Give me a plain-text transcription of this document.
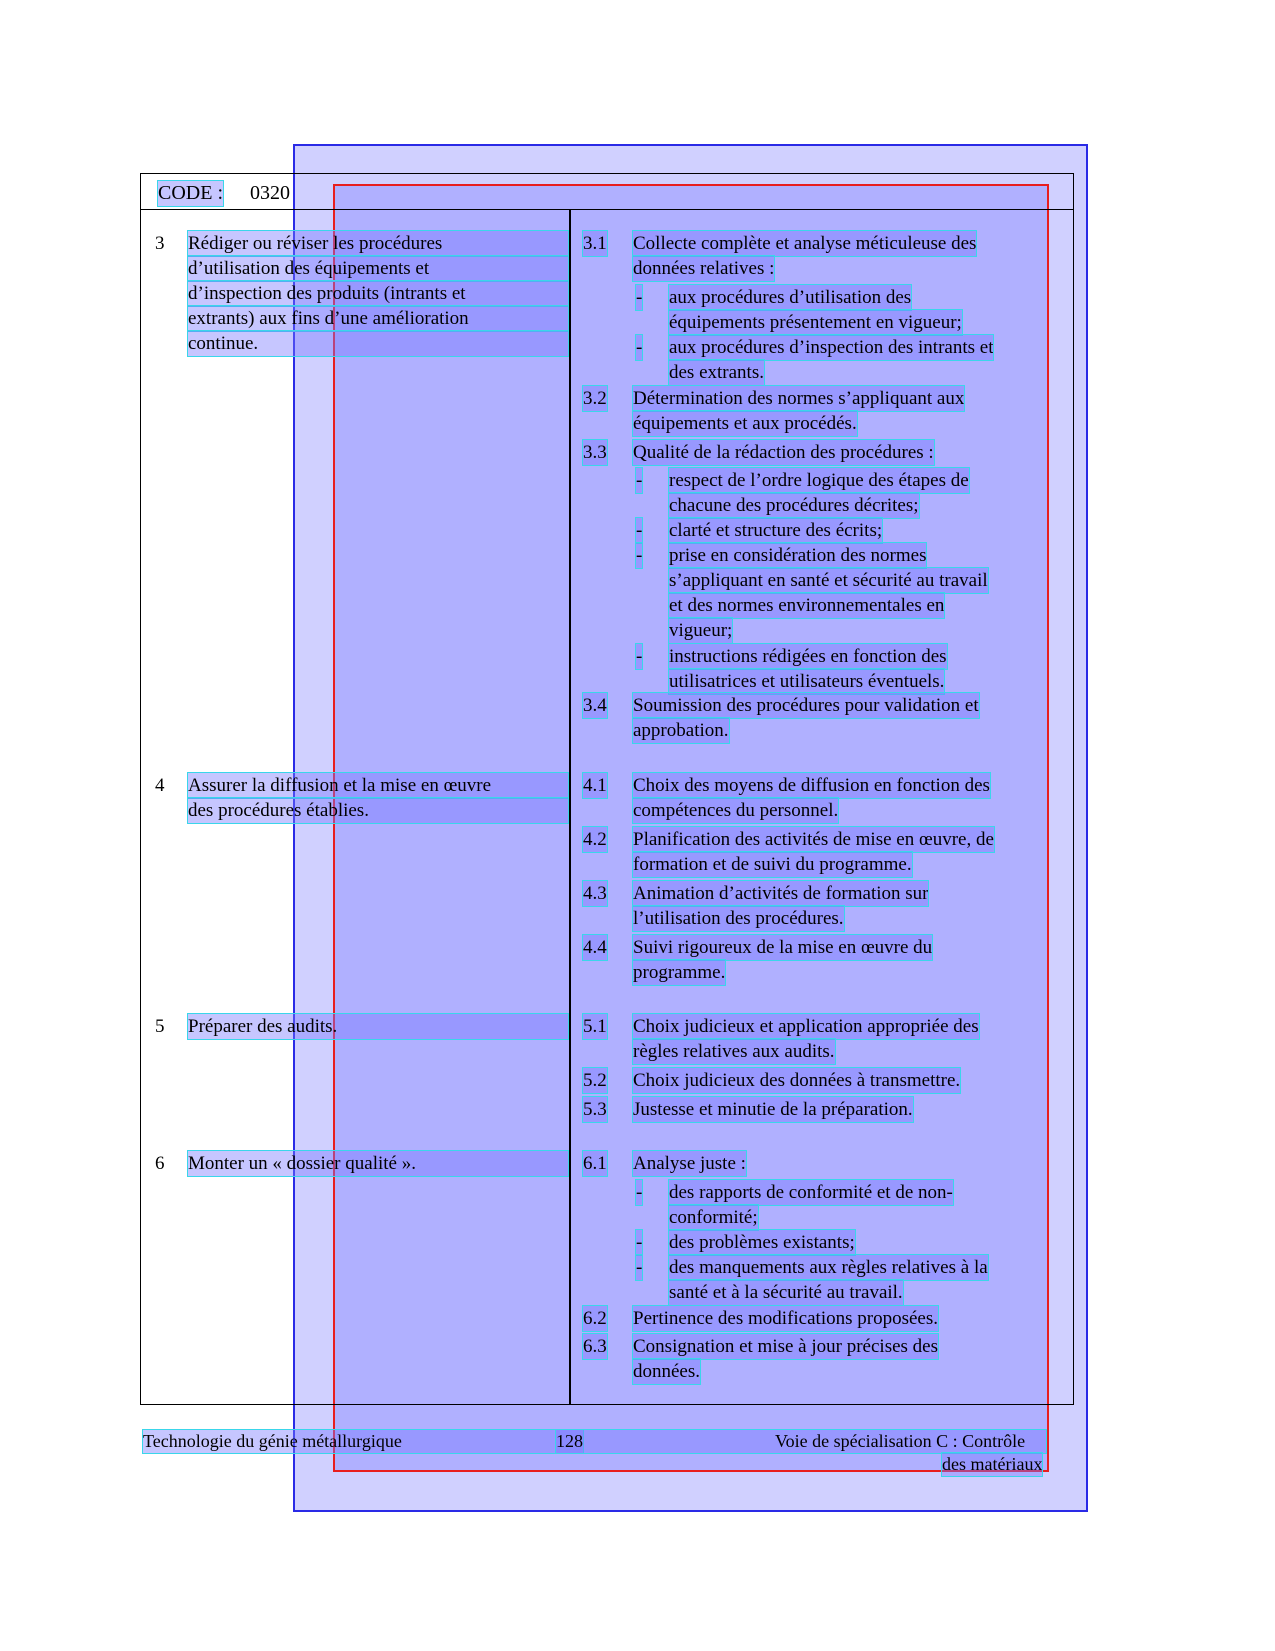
CODE : 0320
3 Rédiger ou réviser les procédures
d’utilisation des équipements et
d’inspection des produits (intrants et
extrants) aux fins d’une amélioration
continue.
4 Assurer la diffusion et la mise en œuvre
des procédures établies.
5 Préparer des audits.
6 Monter un « dossier qualité ».
3.1 Collecte complète et analyse méticuleuse des
données relatives :
- aux procédures d’utilisation des
équipements présentement en vigueur;
- aux procédures d’inspection des intrants et
des extrants.
3.2 Détermination des normes s’appliquant aux
équipements et aux procédés.
3.3 Qualité de la rédaction des procédures :
- respect de l’ordre logique des étapes de
chacune des procédures décrites;
- clarté et structure des écrits;
- prise en considération des normes
s’appliquant en santé et sécurité au travail
et des normes environnementales en
vigueur;
- instructions rédigées en fonction des
utilisatrices et utilisateurs éventuels.
3.4 Soumission des procédures pour validation et
approbation.
4.1 Choix des moyens de diffusion en fonction des
compétences du personnel.
4.2 Planification des activités de mise en œuvre, de
formation et de suivi du programme.
4.3 Animation d’activités de formation sur
l’utilisation des procédures.
4.4 Suivi rigoureux de la mise en œuvre du
programme.
5.1 Choix judicieux et application appropriée des
règles relatives aux audits.
5.2 Choix judicieux des données à transmettre.
5.3 Justesse et minutie de la préparation.
6.1 Analyse juste :
- des rapports de conformité et de non-
conformité;
- des problèmes existants;
- des manquements aux règles relatives à la
santé et à la sécurité au travail.
6.2 Pertinence des modifications proposées.
6.3 Consignation et mise à jour précises des
données.
Technologie du génie métallurgique	128	Voie de spécialisation C : Contrôle
des matériaux
